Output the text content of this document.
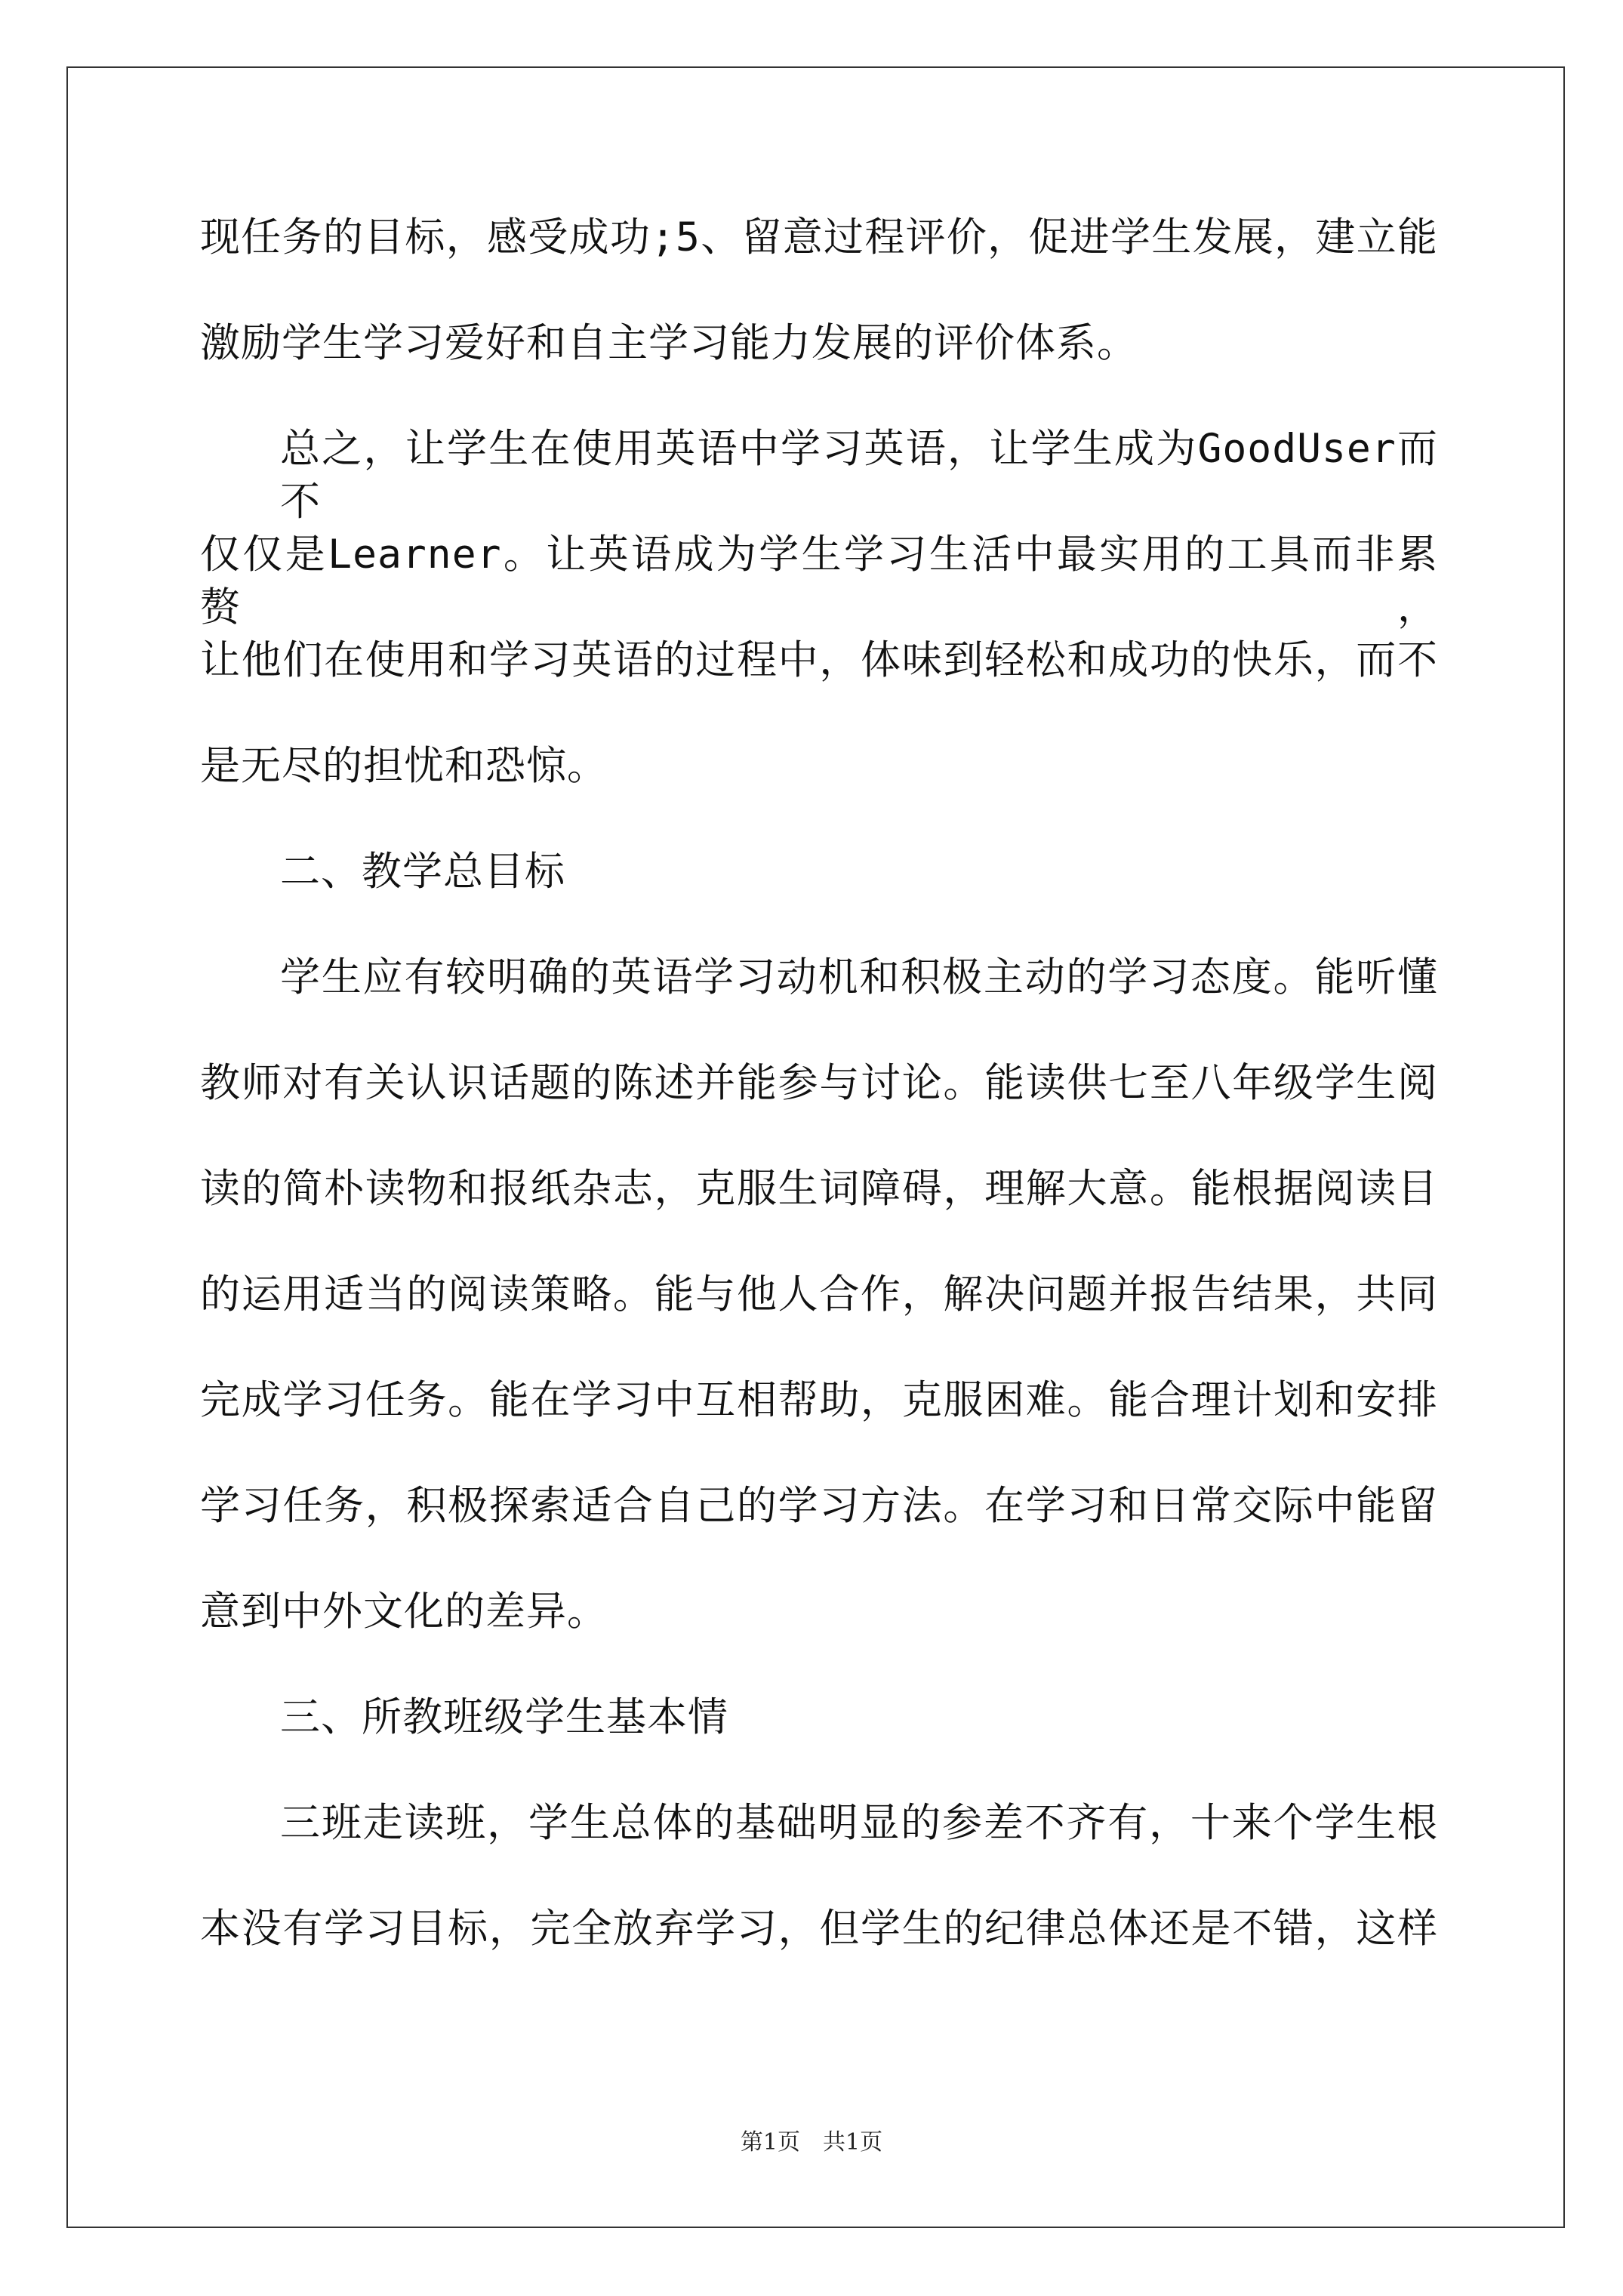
现任务的目标，感受成功;5、留意过程评价，促进学生发展，建立能
激励学生学习爱好和自主学习能力发展的评价体系。
总之，让学生在使用英语中学习英语，让学生成为GoodUser而不
仅仅是Learner。让英语成为学生学习生活中最实用的工具而非累赘，
让他们在使用和学习英语的过程中，体味到轻松和成功的快乐，而不
是无尽的担忧和恐惊。
二、教学总目标
学生应有较明确的英语学习动机和积极主动的学习态度。能听懂
教师对有关认识话题的陈述并能参与讨论。能读供七至八年级学生阅
读的简朴读物和报纸杂志，克服生词障碍，理解大意。能根据阅读目
的运用适当的阅读策略。能与他人合作，解决问题并报告结果，共同
完成学习任务。能在学习中互相帮助，克服困难。能合理计划和安排
学习任务，积极探索适合自己的学习方法。在学习和日常交际中能留
意到中外文化的差异。
三、所教班级学生基本情
三班走读班，学生总体的基础明显的参差不齐有，十来个学生根
本没有学习目标，完全放弃学习，但学生的纪律总体还是不错，这样
第1页　共1页
